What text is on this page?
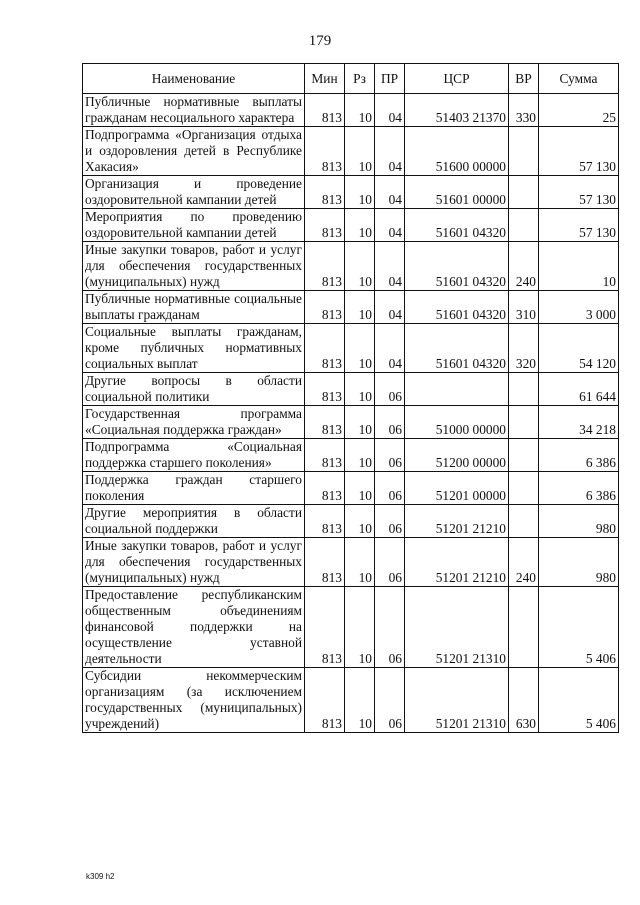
179
Наименование	Мин	Рз	ПР	ЦСР	ВР	Сумма
Публичные нормативные выплаты гражданам несоциального характера	813	10	04	51403 21370	330	25
Подпрограмма «Организация отдыха и оздоровления детей в Республике Хакасия»	813	10	04	51600 00000		57 130
Организация и проведение оздоровительной кампании детей	813	10	04	51601 00000		57 130
Мероприятия по проведению оздоровительной кампании детей	813	10	04	51601 04320		57 130
Иные закупки товаров, работ и услуг для обеспечения государственных (муниципальных) нужд	813	10	04	51601 04320	240	10
Публичные нормативные социальные выплаты гражданам	813	10	04	51601 04320	310	3 000
Социальные выплаты гражданам, кроме публичных нормативных социальных выплат	813	10	04	51601 04320	320	54 120
Другие вопросы в области социальной политики	813	10	06			61 644
Государственная программа «Социальная поддержка граждан»	813	10	06	51000 00000		34 218
Подпрограмма «Социальная поддержка старшего поколения»	813	10	06	51200 00000		6 386
Поддержка граждан старшего поколения	813	10	06	51201 00000		6 386
Другие мероприятия в области социальной поддержки	813	10	06	51201 21210		980
Иные закупки товаров, работ и услуг для обеспечения государственных (муниципальных) нужд	813	10	06	51201 21210	240	980
Предоставление республиканским общественным объединениям финансовой поддержки на осуществление уставной деятельности	813	10	06	51201 21310		5 406
Субсидии некоммерческим организациям (за исключением государственных (муниципальных) учреждений)	813	10	06	51201 21310	630	5 406
k309 h2
